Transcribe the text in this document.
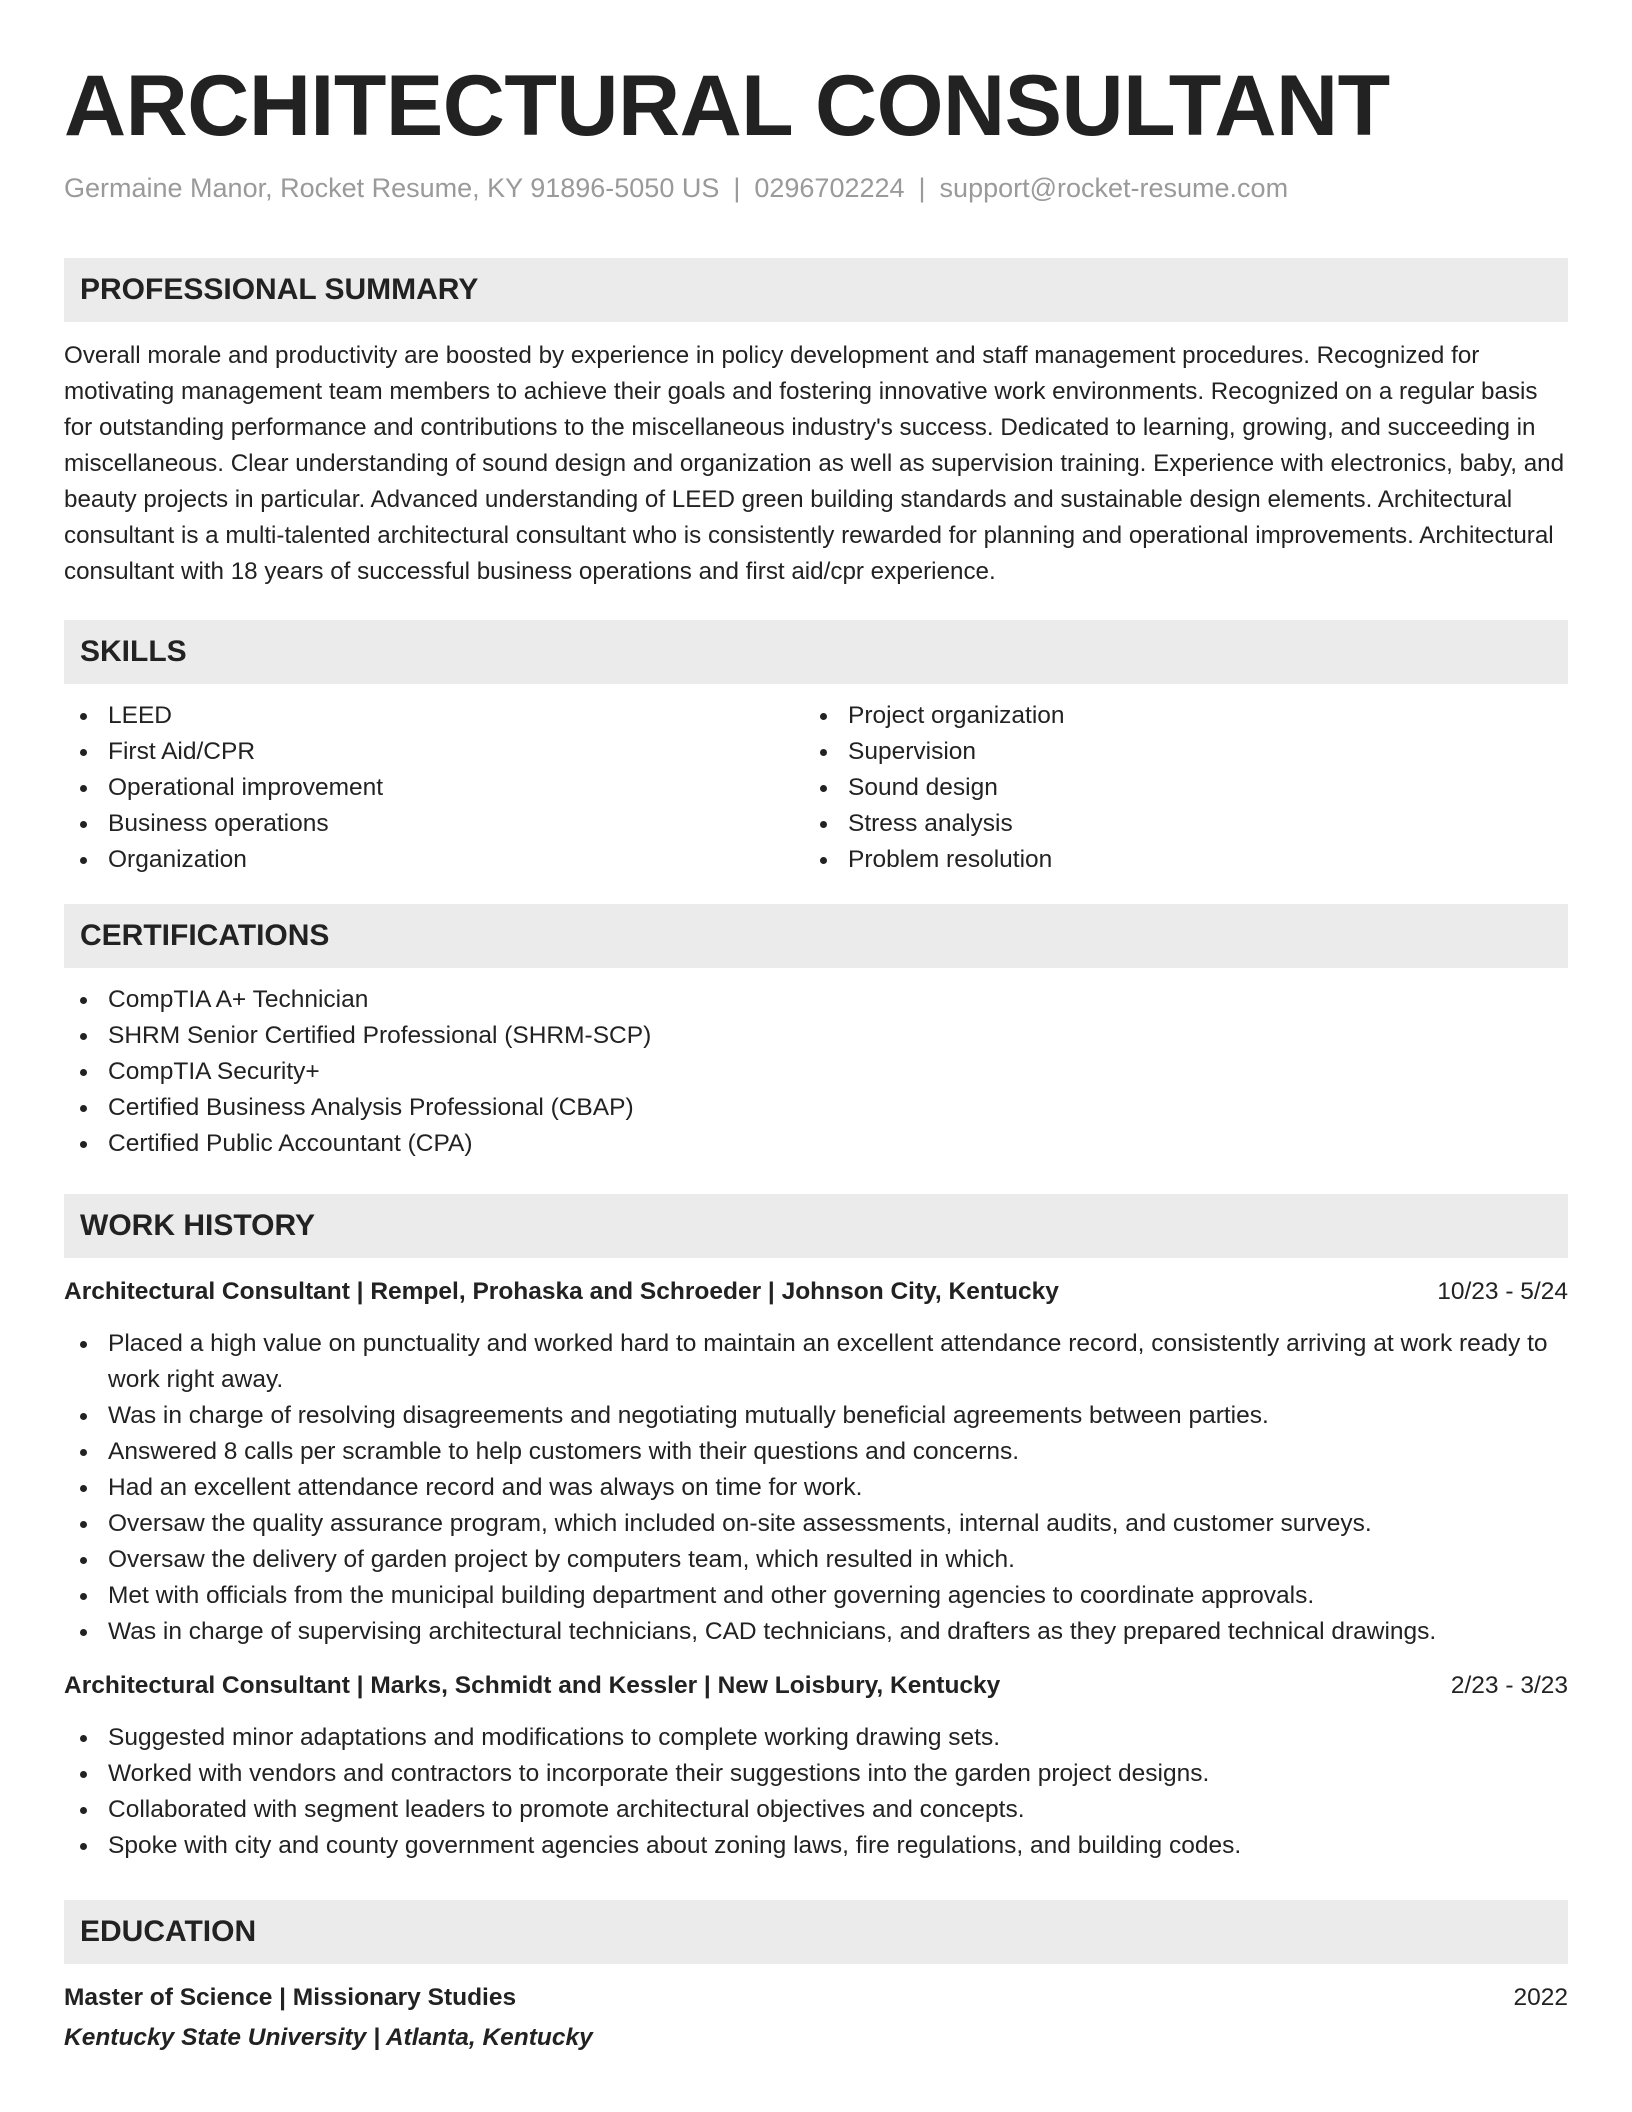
ARCHITECTURAL CONSULTANT
Germaine Manor, Rocket Resume, KY 91896-5050 US | 0296702224 | support@rocket-resume.com
PROFESSIONAL SUMMARY

Overall morale and productivity are boosted by experience in policy development and staff management procedures. Recognized for motivating management team members to achieve their goals and fostering innovative work environments. Recognized on a regular basis for outstanding performance and contributions to the miscellaneous industry's success. Dedicated to learning, growing, and succeeding in miscellaneous. Clear understanding of sound design and organization as well as supervision training. Experience with electronics, baby, and beauty projects in particular. Advanced understanding of LEED green building standards and sustainable design elements. Architectural consultant is a multi-talented architectural consultant who is consistently rewarded for planning and operational improvements. Architectural consultant with 18 years of successful business operations and first aid/cpr experience.

SKILLS
LEED
First Aid/CPR
Operational improvement
Business operations
Organization
Project organization
Supervision
Sound design
Stress analysis
Problem resolution
CERTIFICATIONS
CompTIA A+ Technician
SHRM Senior Certified Professional (SHRM-SCP)
CompTIA Security+
Certified Business Analysis Professional (CBAP)
Certified Public Accountant (CPA)
WORK HISTORY
Architectural Consultant | Rempel, Prohaska and Schroeder | Johnson City, Kentucky	10/23 - 5/24
Placed a high value on punctuality and worked hard to maintain an excellent attendance record, consistently arriving at work ready to work right away.
Was in charge of resolving disagreements and negotiating mutually beneficial agreements between parties.
Answered 8 calls per scramble to help customers with their questions and concerns.
Had an excellent attendance record and was always on time for work.
Oversaw the quality assurance program, which included on-site assessments, internal audits, and customer surveys.
Oversaw the delivery of garden project by computers team, which resulted in which.
Met with officials from the municipal building department and other governing agencies to coordinate approvals.
Was in charge of supervising architectural technicians, CAD technicians, and drafters as they prepared technical drawings.
Architectural Consultant | Marks, Schmidt and Kessler | New Loisbury, Kentucky	2/23 - 3/23
Suggested minor adaptations and modifications to complete working drawing sets.
Worked with vendors and contractors to incorporate their suggestions into the garden project designs.
Collaborated with segment leaders to promote architectural objectives and concepts.
Spoke with city and county government agencies about zoning laws, fire regulations, and building codes.
EDUCATION
Master of Science | Missionary Studies	2022
Kentucky State University | Atlanta, Kentucky
